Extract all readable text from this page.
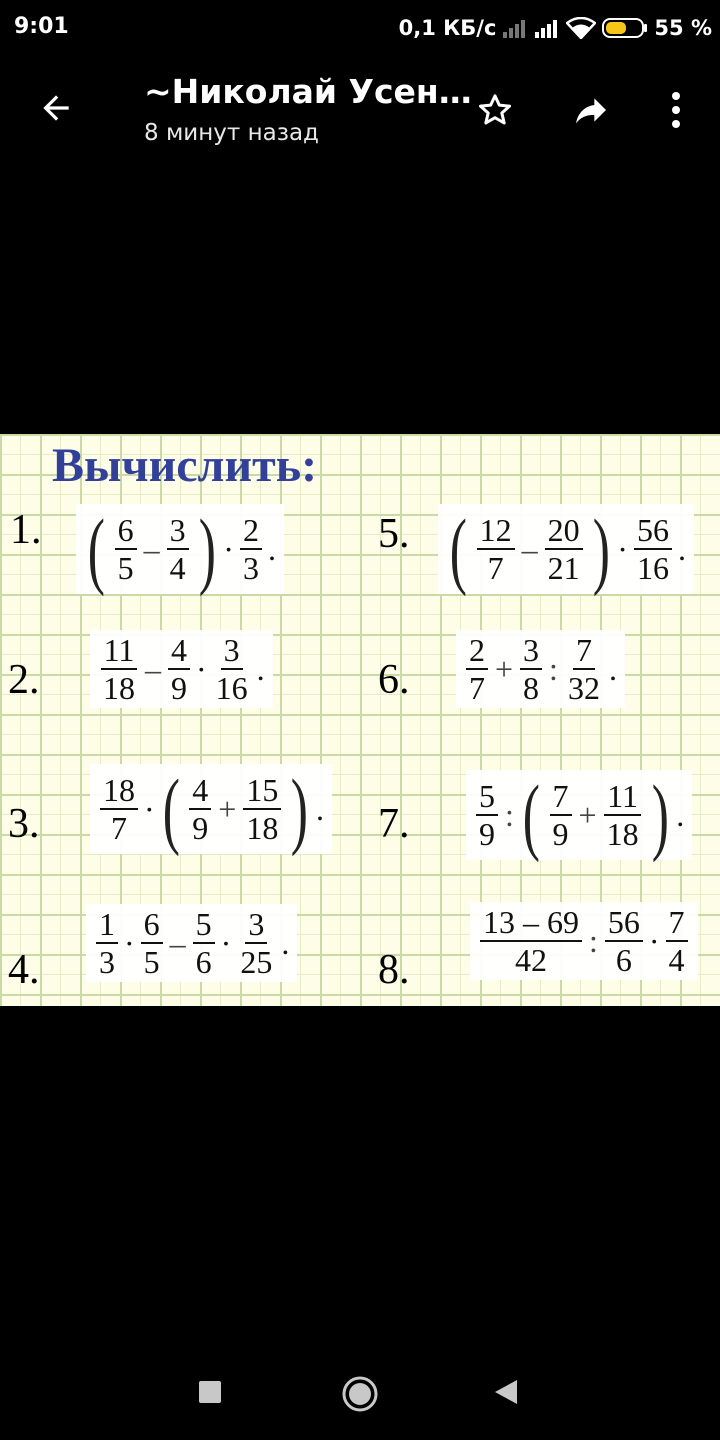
9:01	0,1 КБ/с	55 %
~Николай Усен…
8 минут назад
Вычислить:
1. ( $\frac{6}{5} - \frac{3}{4}$ ) · $\frac{2}{3}$ .
2. $\frac{11}{18} - \frac{4}{9} \cdot \frac{3}{16}$ .
3. $\frac{18}{7}$ · ( $\frac{4}{9} + \frac{15}{18}$ ) .
4. $\frac{1}{3} \cdot \frac{6}{5} - \frac{5}{6} \cdot \frac{3}{25}$ .
5. ( $\frac{12}{7} - \frac{20}{21}$ ) · $\frac{56}{16}$ .
6. $\frac{2}{7} + \frac{3}{8}$ : $\frac{7}{32}$ .
7. $\frac{5}{9}$ : ( $\frac{7}{9} + \frac{11}{18}$ ) .
8. $\frac{13 - 69}{42}$ : $\frac{56}{6} \cdot \frac{7}{4}$
